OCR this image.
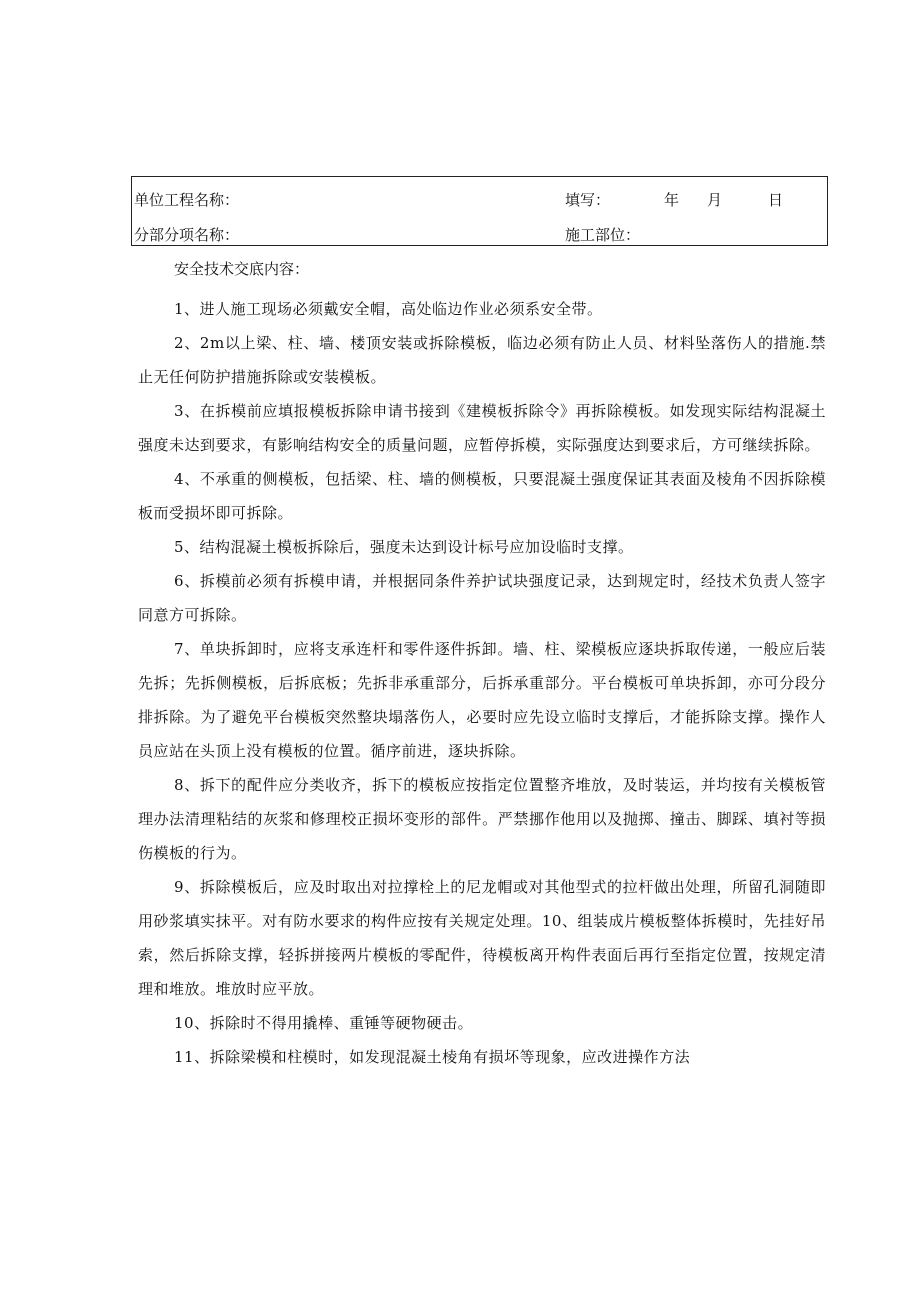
单位工程名称：	填写：	年 月	日
分部分项名称：	施工部位：
安全技术交底内容：

1、进人施工现场必须戴安全帽，高处临边作业必须系安全带。

2、2m以上梁、柱、墙、楼顶安装或拆除模板，临边必须有防止人员、材料坠落伤人的措施.禁止无任何防护措施拆除或安装模板。

3、在拆模前应填报模板拆除申请书接到《建模板拆除令》再拆除模板。如发现实际结构混凝土强度未达到要求，有影响结构安全的质量问题，应暂停拆模，实际强度达到要求后，方可继续拆除。

4、不承重的侧模板，包括梁、柱、墙的侧模板，只要混凝土强度保证其表面及棱角不因拆除模板而受损坏即可拆除。

5、结构混凝土模板拆除后，强度未达到设计标号应加设临时支撑。

6、拆模前必须有拆模申请，并根据同条件养护试块强度记录，达到规定时，经技术负责人签字同意方可拆除。

7、单块拆卸时，应将支承连杆和零件逐件拆卸。墙、柱、梁模板应逐块拆取传递，一般应后装先拆；先拆侧模板，后拆底板；先拆非承重部分，后拆承重部分。平台模板可单块拆卸，亦可分段分排拆除。为了避免平台模板突然整块塌落伤人，必要时应先设立临时支撑后，才能拆除支撑。操作人员应站在头顶上没有模板的位置。循序前进，逐块拆除。

8、拆下的配件应分类收齐，拆下的模板应按指定位置整齐堆放，及时装运，并均按有关模板管理办法清理粘结的灰浆和修理校正损坏变形的部件。严禁挪作他用以及抛掷、撞击、脚踩、填衬等损伤模板的行为。

9、拆除模板后，应及时取出对拉撑栓上的尼龙帽或对其他型式的拉杆做出处理，所留孔洞随即用砂浆填实抹平。对有防水要求的构件应按有关规定处理。10、组装成片模板整体拆模时，先挂好吊索，然后拆除支撑，轻拆拼接两片模板的零配件，待模板离开构件表面后再行至指定位置，按规定清理和堆放。堆放时应平放。

10、拆除时不得用撬棒、重锤等硬物硬击。

11、拆除梁模和柱模时，如发现混凝土棱角有损坏等现象，应改进操作方法
